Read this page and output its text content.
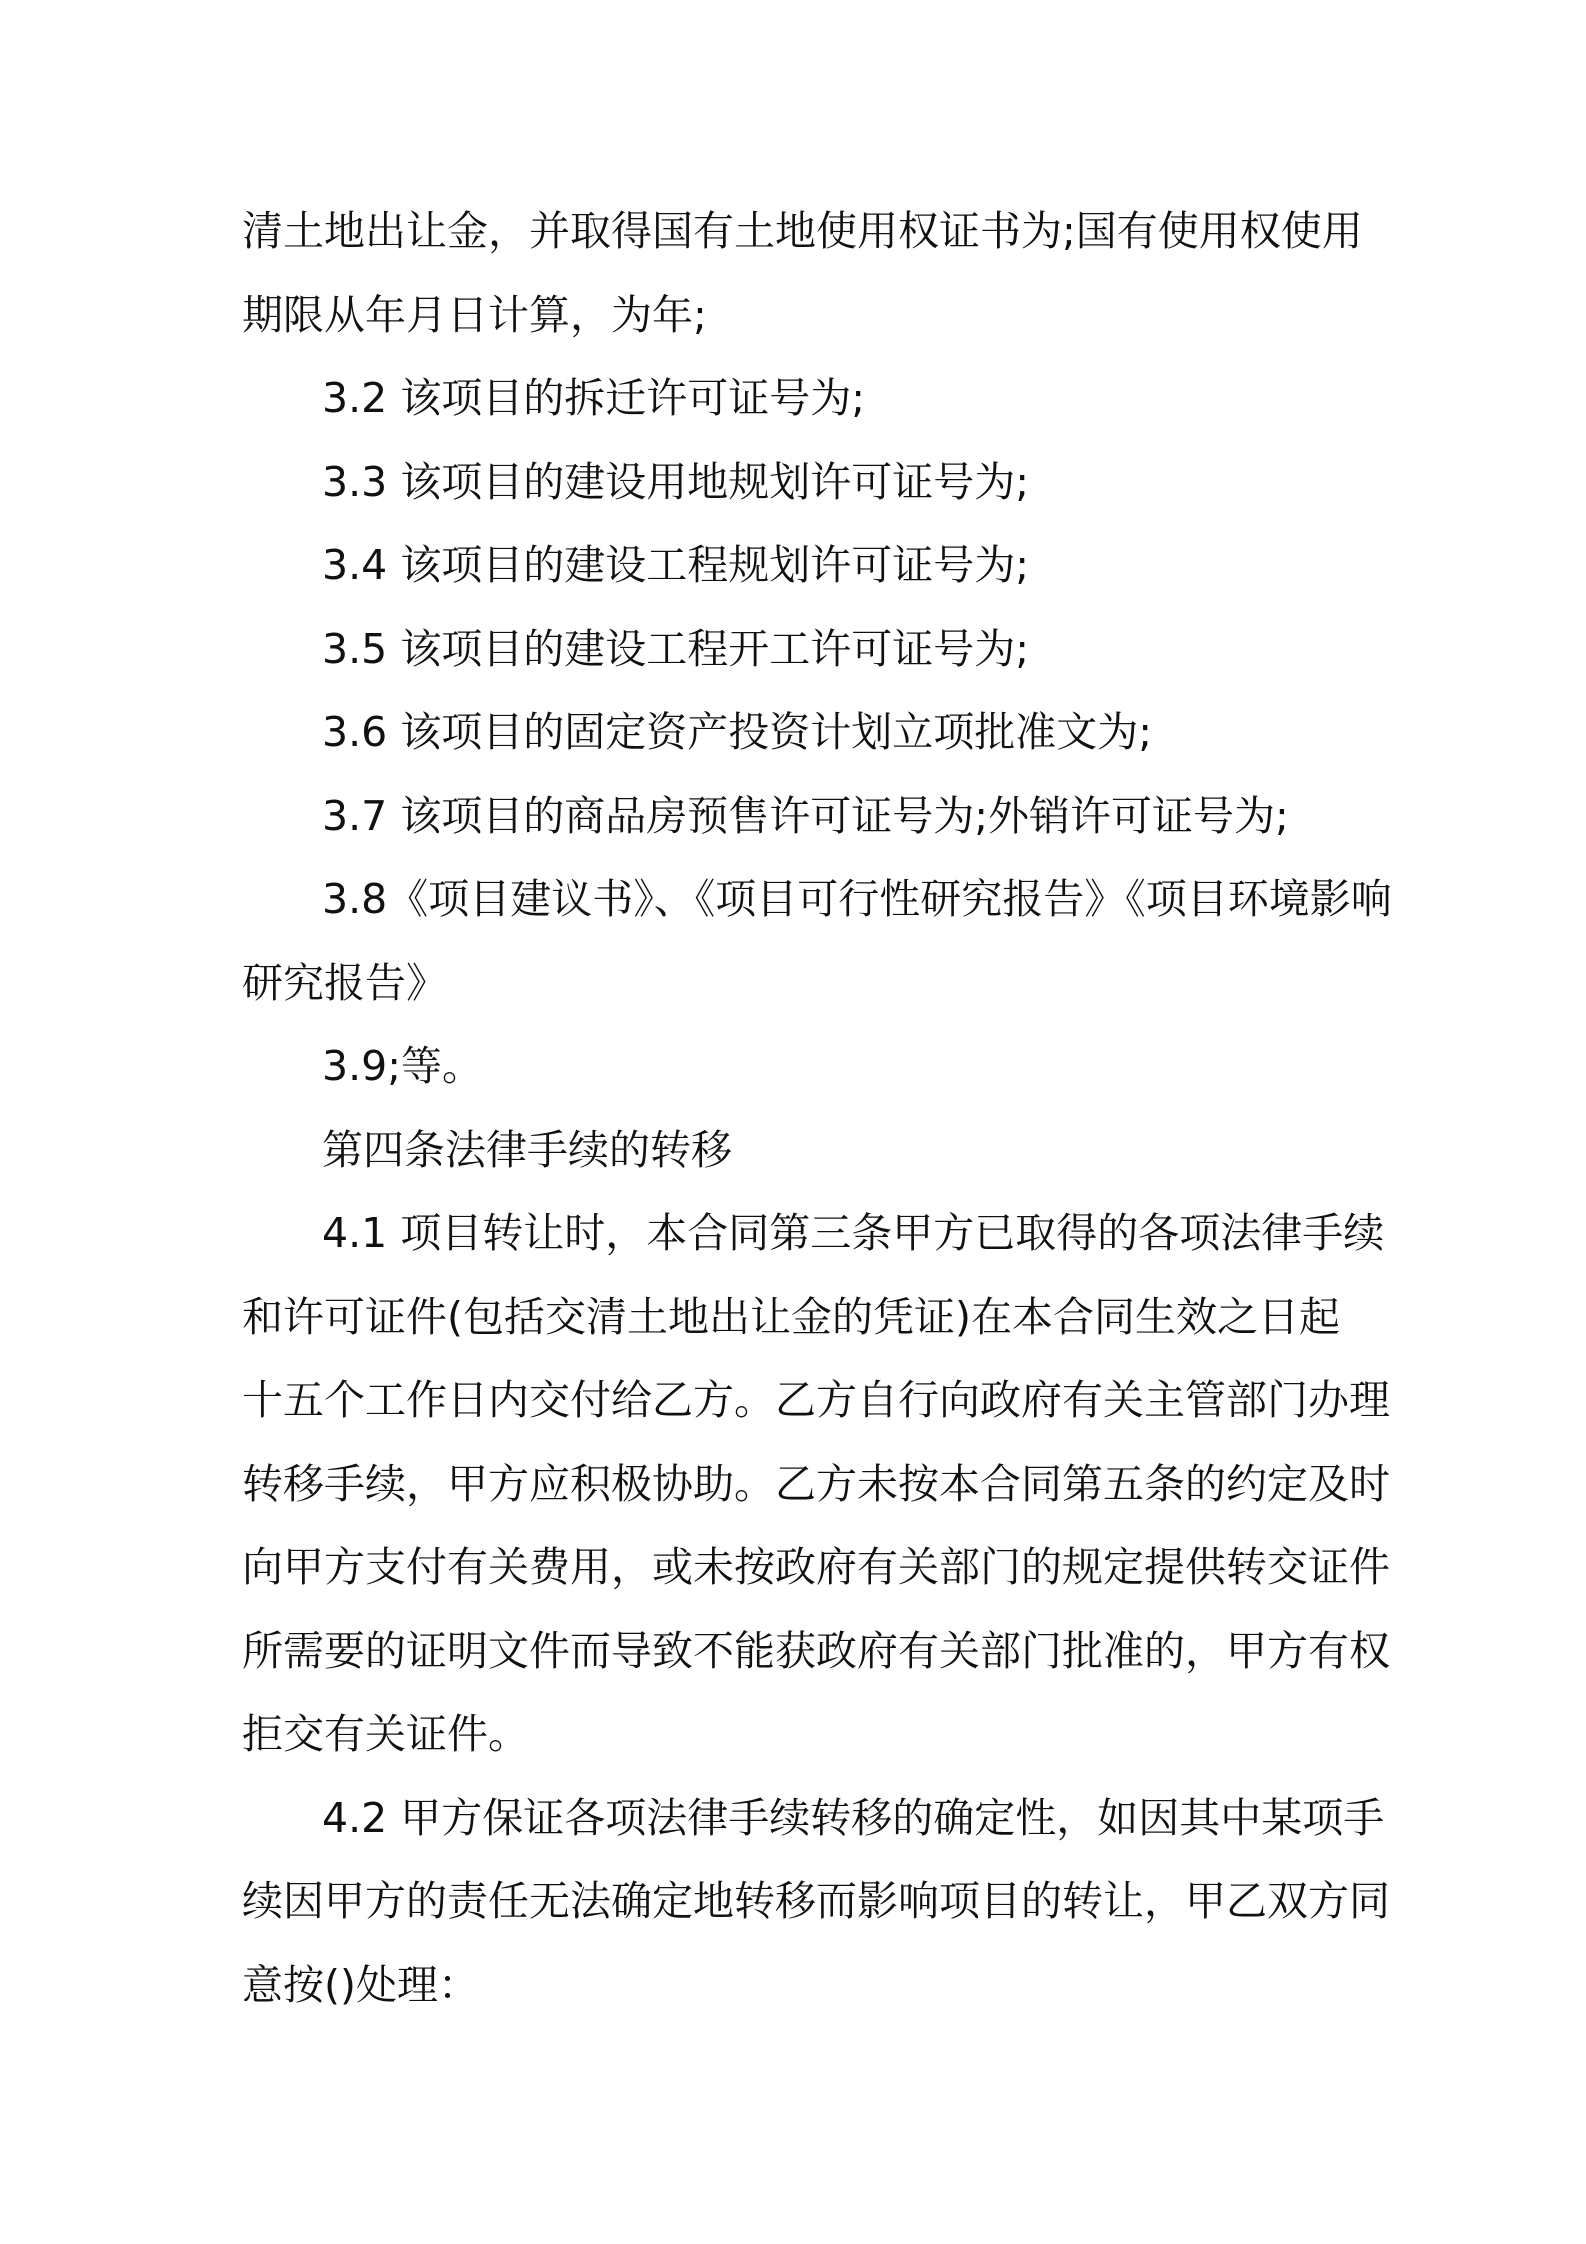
清土地出让金，并取得国有土地使用权证书为;国有使用权使用

期限从年月日计算，为年;

3.2 该项目的拆迁许可证号为;

3.3 该项目的建设用地规划许可证号为;

3.4 该项目的建设工程规划许可证号为;

3.5 该项目的建设工程开工许可证号为;

3.6 该项目的固定资产投资计划立项批准文为;

3.7 该项目的商品房预售许可证号为;外销许可证号为;

3.8《项目建议书》、《项目可行性研究报告》《项目环境影响

研究报告》

3.9;等。

第四条法律手续的转移

4.1 项目转让时，本合同第三条甲方已取得的各项法律手续

和许可证件(包括交清土地出让金的凭证)在本合同生效之日起

十五个工作日内交付给乙方。乙方自行向政府有关主管部门办理

转移手续，甲方应积极协助。乙方未按本合同第五条的约定及时

向甲方支付有关费用，或未按政府有关部门的规定提供转交证件

所需要的证明文件而导致不能获政府有关部门批准的，甲方有权

拒交有关证件。

4.2 甲方保证各项法律手续转移的确定性，如因其中某项手

续因甲方的责任无法确定地转移而影响项目的转让，甲乙双方同

意按()处理：
